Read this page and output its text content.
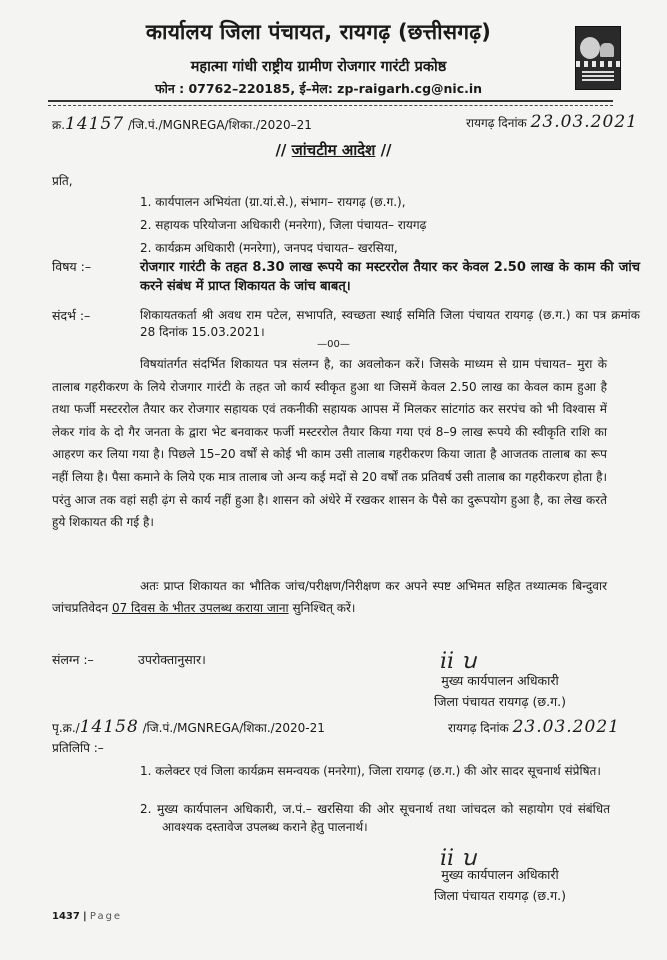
कार्यालय जिला पंचायत, रायगढ़ (छत्तीसगढ़)
महात्मा गांधी राष्ट्रीय ग्रामीण रोजगार गारंटी प्रकोष्ठ
फोन : 07762–220185, ई–मेल: zp-raigarh.cg@nic.in
क्र.14157 /जि.पं./MGNREGA/शिका./2020–21	रायगढ़ दिनांक 23.03.2021
// जांचटीम आदेश //
प्रति,
1. कार्यपालन अभियंता (ग्रा.यां.से.), संभाग– रायगढ़ (छ.ग.),
2. सहायक परियोजना अधिकारी (मनरेगा), जिला पंचायत– रायगढ़
2. कार्यक्रम अधिकारी (मनरेगा), जनपद पंचायत– खरसिया,
विषय :–	रोजगार गारंटी के तहत 8.30 लाख रूपये का मस्टररोल तैयार कर केवल 2.50 लाख के काम की जांच करने संबंध में प्राप्त शिकायत के जांच बाबत्।
संदर्भ :–	शिकायतकर्ता श्री अवध राम पटेल, सभापति, स्वच्छता स्थाई समिति जिला पंचायत रायगढ़ (छ.ग.) का पत्र क्रमांक 28 दिनांक 15.03.2021।
—00—
विषयांतर्गत संदर्भित शिकायत पत्र संलग्न है, का अवलोकन करें। जिसके माध्यम से ग्राम पंचायत– मुरा के तालाब गहरीकरण के लिये रोजगार गारंटी के तहत जो कार्य स्वीकृत हुआ था जिसमें केवल 2.50 लाख का केवल काम हुआ है तथा फर्जी मस्टररोल तैयार कर रोजगार सहायक एवं तकनीकी सहायक आपस में मिलकर सांटगांठ कर सरपंच को भी विश्वास में लेकर गांव के दो गैर जनता के द्वारा भेट बनवाकर फर्जी मस्टररोल तैयार किया गया एवं 8–9 लाख रूपये की स्वीकृति राशि का आहरण कर लिया गया है। पिछले 15–20 वर्षों से कोई भी काम उसी तालाब गहरीकरण किया जाता है आजतक तालाब का रूप नहीं लिया है। पैसा कमाने के लिये एक मात्र तालाब जो अन्य कई मदों से 20 वर्षों तक प्रतिवर्ष उसी तालाब का गहरीकरण होता है। परंतु आज तक वहां सही ढ़ंग से कार्य नहीं हुआ है। शासन को अंधेरे में रखकर शासन के पैसे का दुरूपयोग हुआ है, का लेख करते हुये शिकायत की गई है।
अतः प्राप्त शिकायत का भौतिक जांच/परीक्षण/निरीक्षण कर अपने स्पष्ट अभिमत सहित तथ्यात्मक बिन्दुवार जांचप्रतिवेदन 07 दिवस के भीतर उपलब्ध कराया जाना सुनिश्चित् करें।
संलग्न :–	उपरोक्तानुसार।	ii ꭒ
मुख्य कार्यपालन अधिकारी
जिला पंचायत रायगढ़ (छ.ग.)
पृ.क्र./14158 /जि.पं./MGNREGA/शिका./2020-21	रायगढ़ दिनांक 23.03.2021
प्रतिलिपि :–
1. कलेक्टर एवं जिला कार्यक्रम समन्वयक (मनरेगा), जिला रायगढ़ (छ.ग.) की ओर सादर सूचनार्थ संप्रेषित।
2. मुख्य कार्यपालन अधिकारी, ज.पं.– खरसिया की ओर सूचनार्थ तथा जांचदल को सहायोग एवं संबंधित आवश्यक दस्तावेज उपलब्ध कराने हेतु पालनार्थ।
ii ꭒ
मुख्य कार्यपालन अधिकारी
जिला पंचायत रायगढ़ (छ.ग.)
1437 | Page
